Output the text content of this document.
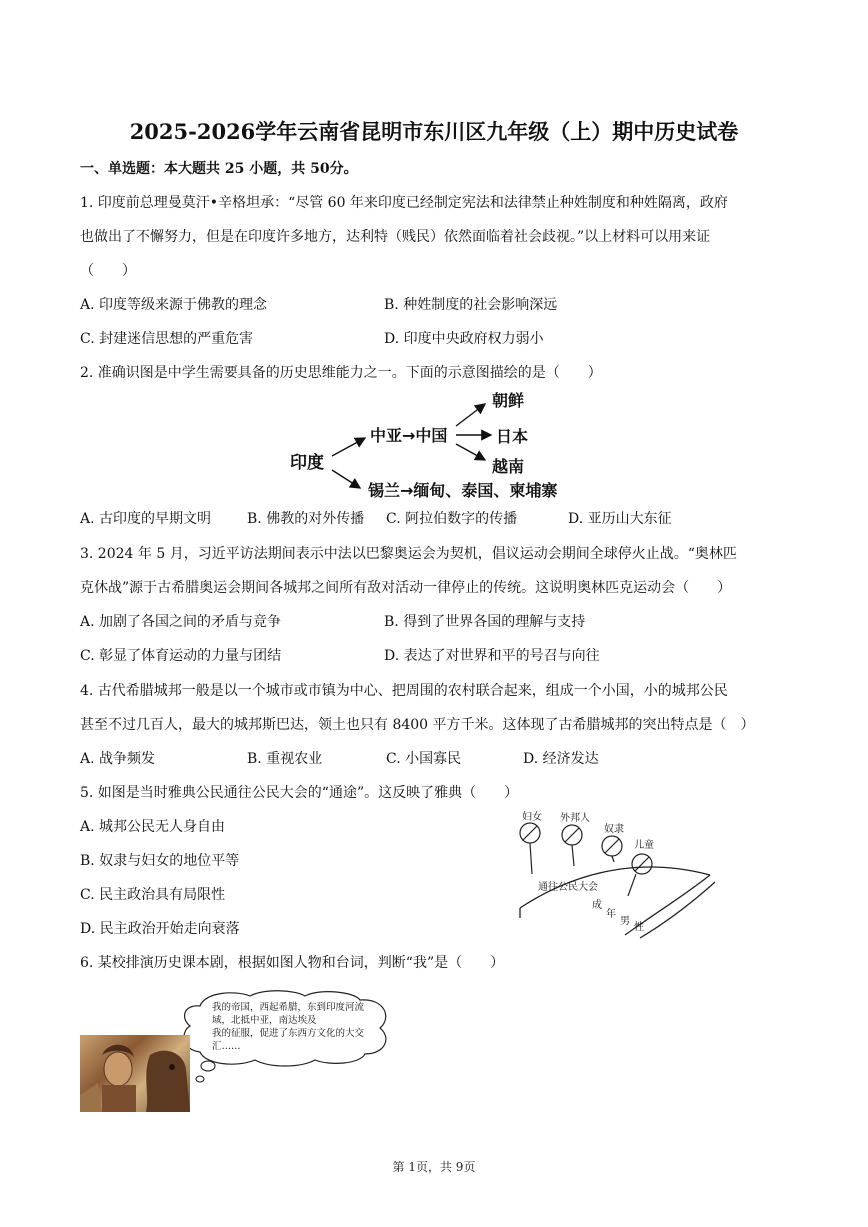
2025-2026学年云南省昆明市东川区九年级（上）期中历史试卷
一、单选题：本大题共 25 小题，共 50分。
1. 印度前总理曼莫汗•辛格坦承：“尽管 60 年来印度已经制定宪法和法律禁止种姓制度和种姓隔离，政府
也做出了不懈努力，但是在印度许多地方，达利特（贱民）依然面临着社会歧视。”以上材料可以用来证
（　　）
A. 印度等级来源于佛教的理念	B. 种姓制度的社会影响深远
C. 封建迷信思想的严重危害	D. 印度中央政府权力弱小
2. 准确识图是中学生需要具备的历史思维能力之一。下面的示意图描绘的是（　　）
印度
中亚→中国
朝鲜
日本
越南
锡兰→缅甸、泰国、柬埔寨
A. 古印度的早期文明	B. 佛教的对外传播 C. 阿拉伯数字的传播	D. 亚历山大东征
3. 2024 年 5 月，习近平访法期间表示中法以巴黎奥运会为契机，倡议运动会期间全球停火止战。“奥林匹
克休战”源于古希腊奥运会期间各城邦之间所有敌对活动一律停止的传统。这说明奥林匹克运动会（　　）
A. 加剧了各国之间的矛盾与竞争	B. 得到了世界各国的理解与支持
C. 彰显了体育运动的力量与团结	D. 表达了对世界和平的号召与向往
4. 古代希腊城邦一般是以一个城市或市镇为中心、把周围的农村联合起来，组成一个小国，小的城邦公民
甚至不过几百人，最大的城邦斯巴达，领土也只有 8400 平方千米。这体现了古希腊城邦的突出特点是（　）
A. 战争频发	B. 重视农业	C. 小国寡民	D. 经济发达
5. 如图是当时雅典公民通往公民大会的“通途”。这反映了雅典（　　）
A. 城邦公民无人身自由
B. 奴隶与妇女的地位平等
C. 民主政治具有局限性
D. 民主政治开始走向衰落
妇女 外邦人
奴隶
儿童
通往公民大会
成
年
男
性
6. 某校排演历史课本剧，根据如图人物和台词，判断“我”是（　　）
我的帝国，西起希腊，东到印度河流
域，北抵中亚，南达埃及
我的征服，促进了东西方文化的大交
汇……
第 1页，共 9页
